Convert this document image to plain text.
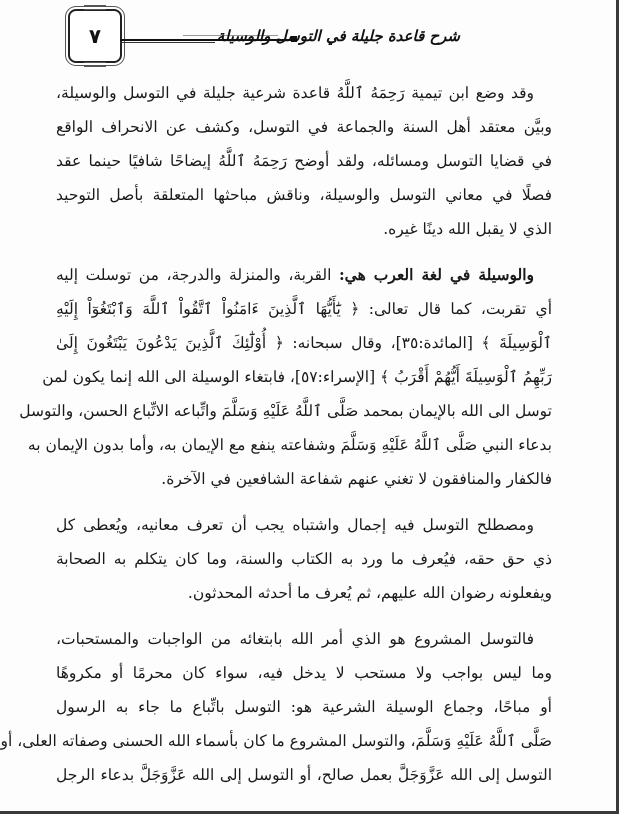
٧	شرح قاعدة جليلة في التوسل والوسيلة
وقد وضع ابن تيمية رَحِمَهُ ٱللَّهُ قاعدة شرعية جليلة في التوسل والوسيلة،
وبيَّن معتقد أهل السنة والجماعة في التوسل، وكشف عن الانحراف الواقع
في قضايا التوسل ومسائله، ولقد أوضح رَحِمَهُ ٱللَّهُ إيضاحًا شافيًا حينما عقد
فصلًا في معاني التوسل والوسيلة، وناقش مباحثها المتعلقة بأصل التوحيد
الذي لا يقبل الله دينًا غيره.
والوسيلة في لغة العرب هي: القربة، والمنزلة والدرجة، من توسلت إليه
أي تقربت، كما قال تعالى: ﴿ يَٰٓأَيُّهَا ٱلَّذِينَ ءَامَنُواْ ٱتَّقُواْ ٱللَّهَ وَٱبْتَغُوٓاْ إِلَيْهِ
ٱلْوَسِيلَةَ ﴾ [المائدة:٣٥]، وقال سبحانه: ﴿ أُوْلَٰٓئِكَ ٱلَّذِينَ يَدْعُونَ يَبْتَغُونَ إِلَىٰ
رَبِّهِمُ ٱلْوَسِيلَةَ أَيُّهُمْ أَقْرَبُ ﴾ [الإسراء:٥٧]، فابتغاء الوسيلة الى الله إنما يكون لمن
توسل الى الله بالإيمان بمحمد صَلَّى ٱللَّهُ عَلَيْهِ وَسَلَّمَ واتِّباعه الاتِّباع الحسن، والتوسل
بدعاء النبي صَلَّى ٱللَّهُ عَلَيْهِ وَسَلَّمَ وشفاعته ينفع مع الإيمان به، وأما بدون الإيمان به
فالكفار والمنافقون لا تغني عنهم شفاعة الشافعين في الآخرة.
ومصطلح التوسل فيه إجمال واشتباه يجب أن تعرف معانيه، ويُعطى كل
ذي حق حقه، فيُعرف ما ورد به الكتاب والسنة، وما كان يتكلم به الصحابة
ويفعلونه رضوان الله عليهم، ثم يُعرف ما أحدثه المحدثون.
فالتوسل المشروع هو الذي أمر الله بابتغائه من الواجبات والمستحبات،
وما ليس بواجب ولا مستحب لا يدخل فيه، سواء كان محرمًا أو مكروهًا
أو مباحًا، وجماع الوسيلة الشرعية هو: التوسل باتِّباع ما جاء به الرسول
صَلَّى ٱللَّهُ عَلَيْهِ وَسَلَّمَ، والتوسل المشروع ما كان بأسماء الله الحسنى وصفاته العلى، أو
التوسل إلى الله عَزَّوَجَلَّ بعمل صالح، أو التوسل إلى الله عَزَّوَجَلَّ بدعاء الرجل
